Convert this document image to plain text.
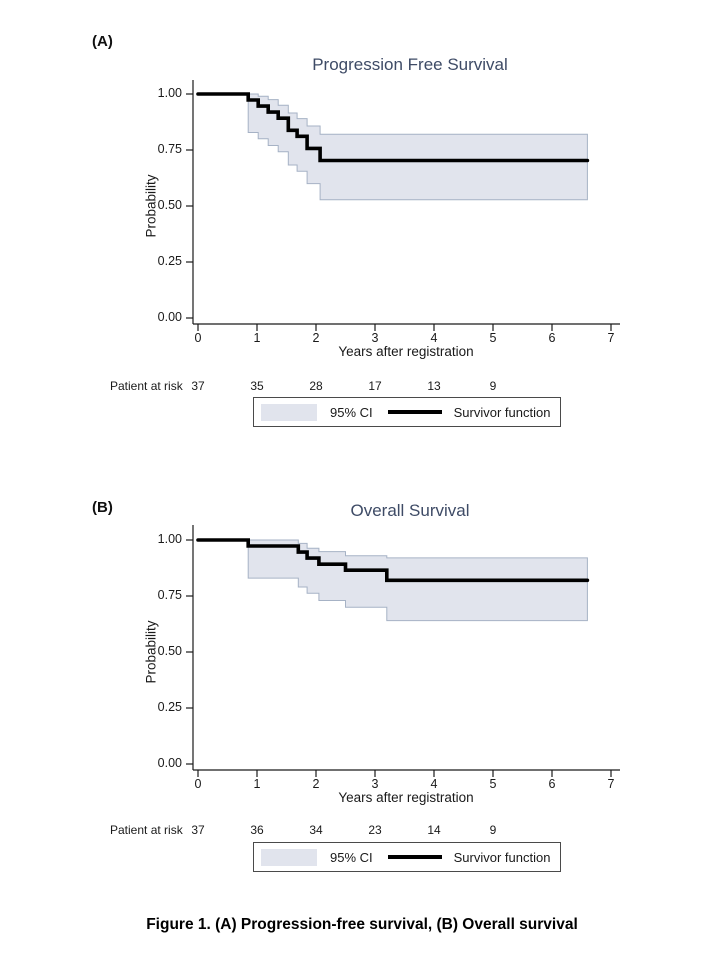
(A)
Progression Free Survival
1.00
0.75
0.50
0.25
0.00
Probability
0	1	2	3	4	5	6	7
Years after registration
Patient at risk 37	35	28	17	13	9
95% CI	Survivor function
(B)	Overall Survival
1.00
0.75
0.50
0.25
0.00
Probability
0	1	2	3	4	5	6	7
Years after registration
Patient at risk 37	36	34	23	14	9
95% CI	Survivor function
Figure 1. (A) Progression-free survival, (B) Overall survival
